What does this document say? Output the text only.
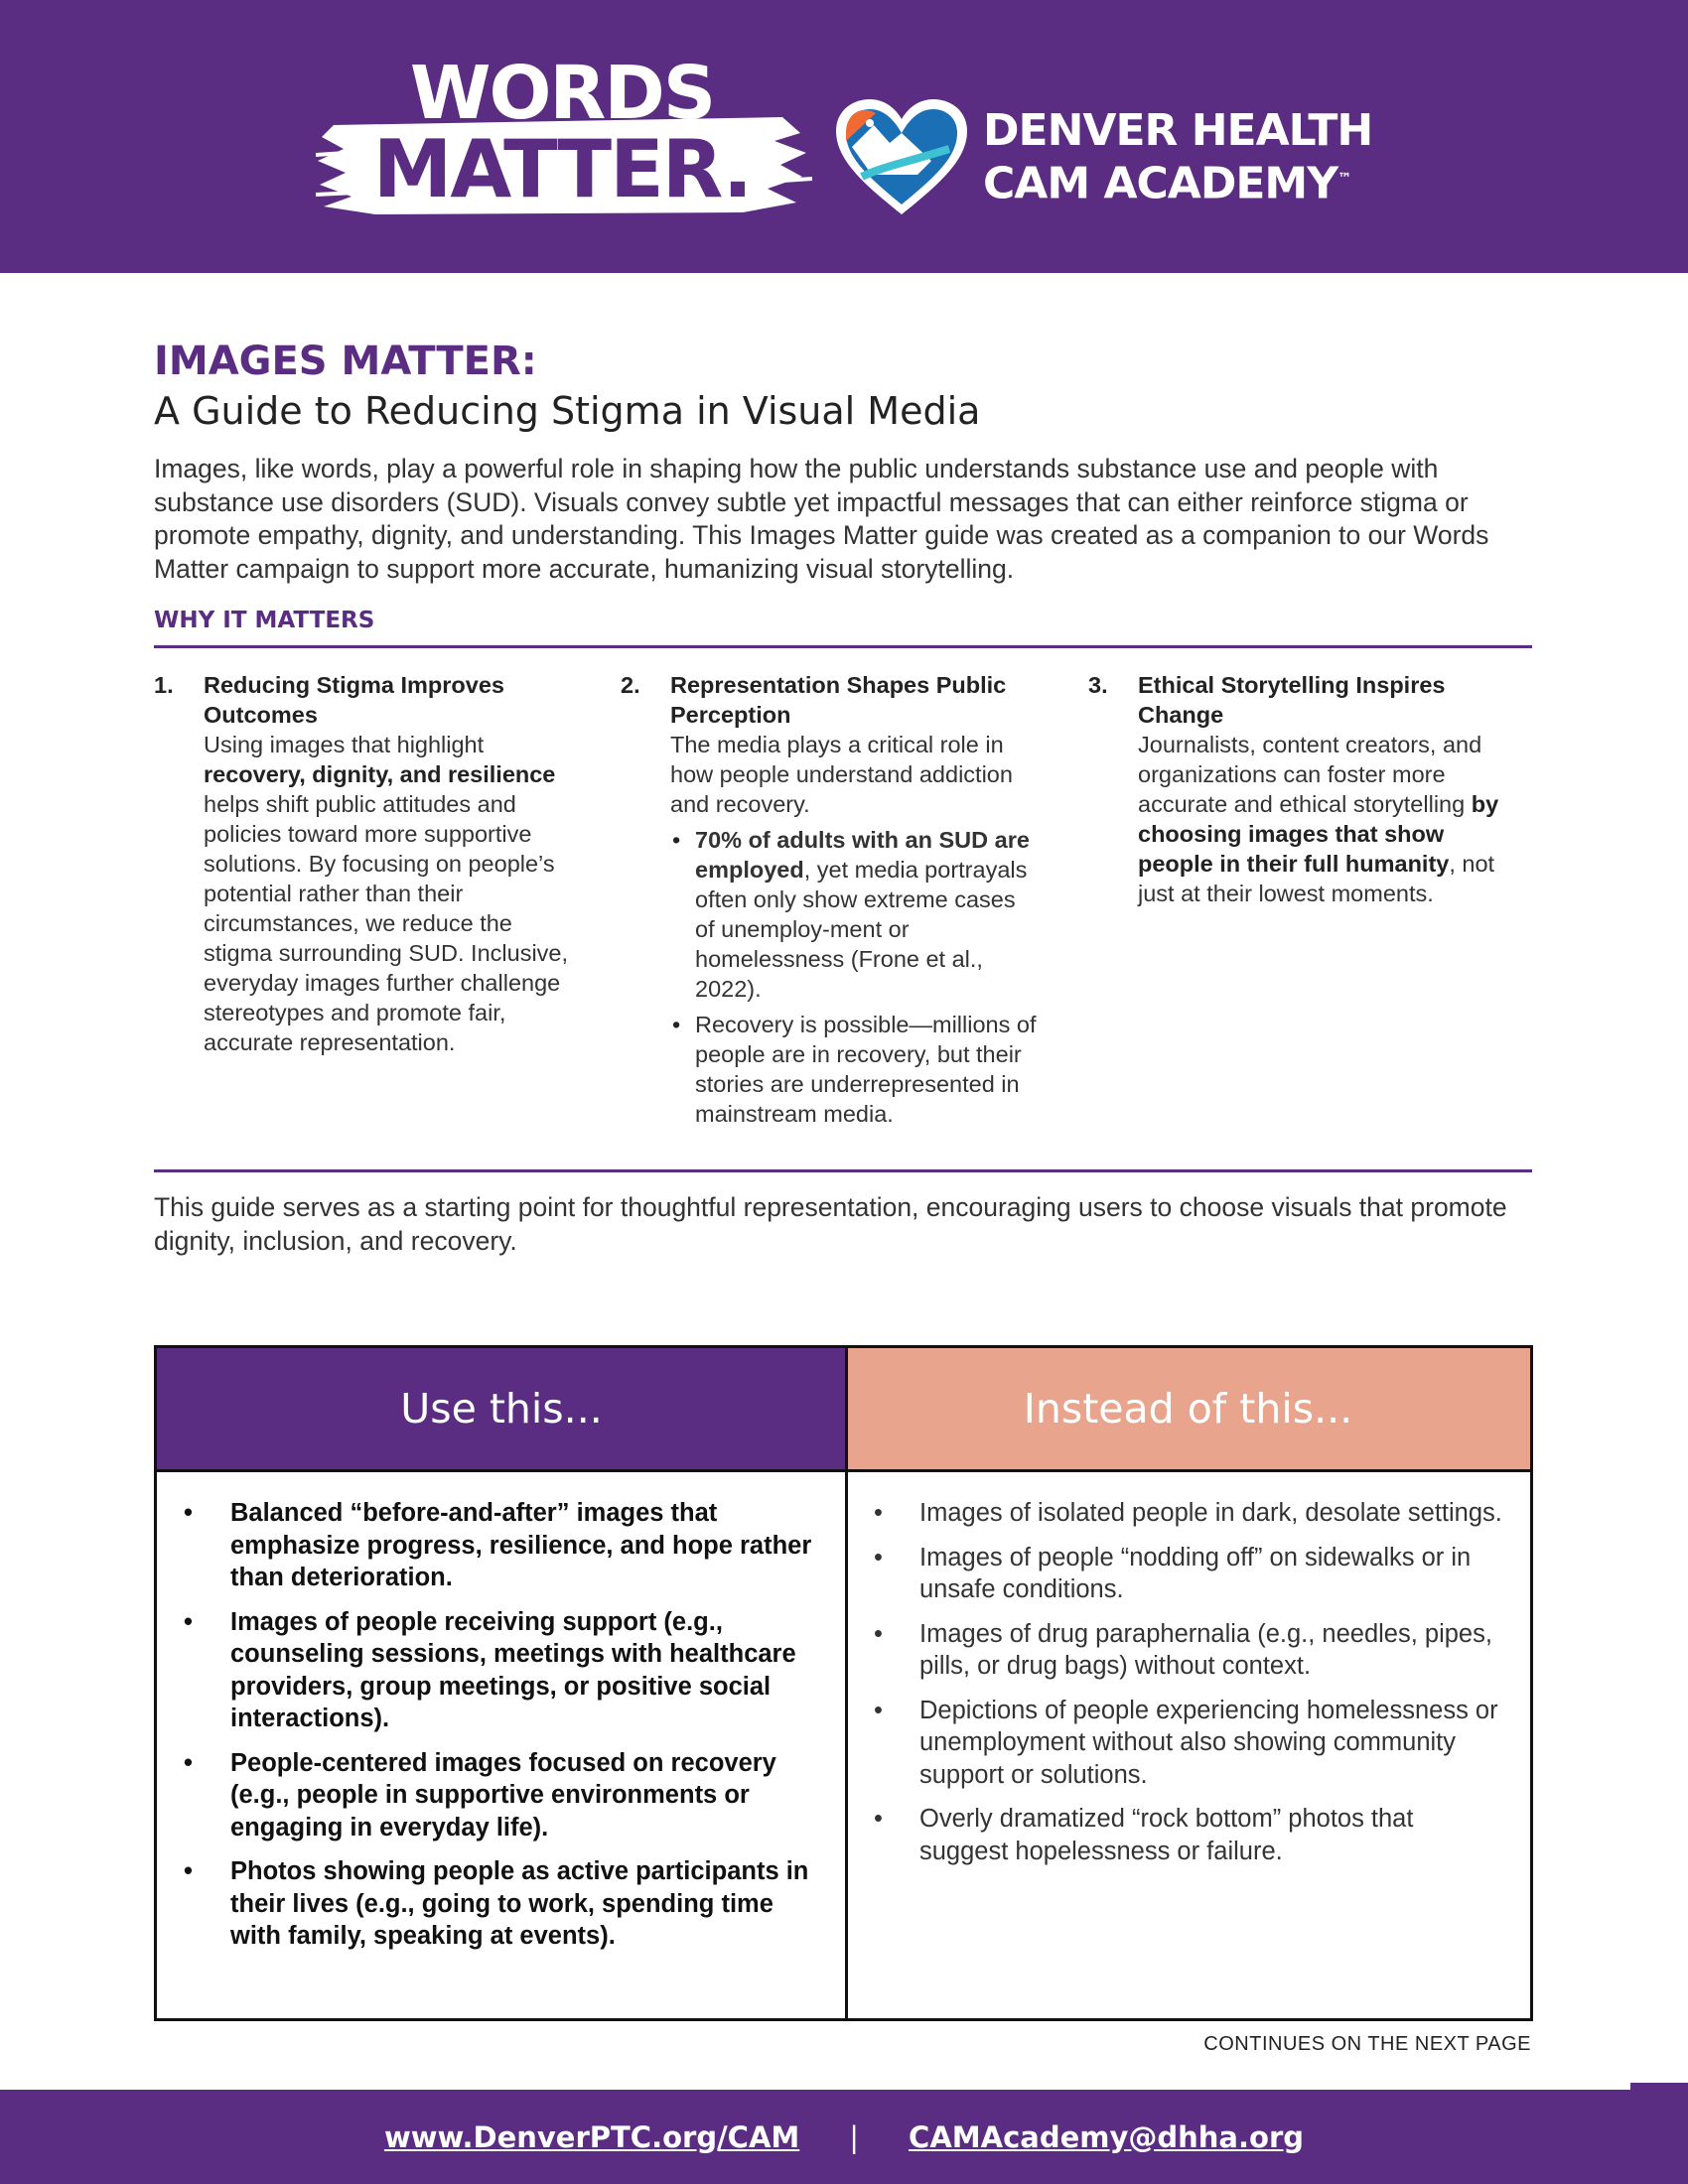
WORDS
MATTER.	DENVER HEALTH
CAM ACADEMY™
IMAGES MATTER:
A Guide to Reducing Stigma in Visual Media

Images, like words, play a powerful role in shaping how the public understands substance use and people with substance use disorders (SUD). Visuals convey subtle yet impactful messages that can either reinforce stigma or promote empathy, dignity, and understanding. This Images Matter guide was created as a companion to our Words Matter campaign to support more accurate, humanizing visual storytelling.

WHY IT MATTERS
1. Reducing Stigma Improves Outcomes
Using images that highlight recovery, dignity, and resilience helps shift public attitudes and policies toward more supportive solutions. By focusing on people’s potential rather than their circumstances, we reduce the stigma surrounding SUD. Inclusive, everyday images further challenge stereotypes and promote fair, accurate representation.
2. Representation Shapes Public Perception
The media plays a critical role in how people understand addiction and recovery.
• 70% of adults with an SUD are employed, yet media portrayals often only show extreme cases of unemploy-ment or homelessness (Frone et al., 2022).
• Recovery is possible—millions of people are in recovery, but their stories are underrepresented in mainstream media.
3. Ethical Storytelling Inspires Change
Journalists, content creators, and organizations can foster more accurate and ethical storytelling by choosing images that show people in their full humanity, not just at their lowest moments.

This guide serves as a starting point for thoughtful representation, encouraging users to choose visuals that promote dignity, inclusion, and recovery.

Use this...	Instead of this...
• Balanced “before-and-after” images that emphasize progress, resilience, and hope rather than deterioration.
• Images of people receiving support (e.g., counseling sessions, meetings with healthcare providers, group meetings, or positive social interactions).
• People-centered images focused on recovery (e.g., people in supportive environments or engaging in everyday life).
• Photos showing people as active participants in their lives (e.g., going to work, spending time with family, speaking at events).
• Images of isolated people in dark, desolate settings.
• Images of people “nodding off” on sidewalks or in unsafe conditions.
• Images of drug paraphernalia (e.g., needles, pipes, pills, or drug bags) without context.
• Depictions of people experiencing homelessness or unemployment without also showing community support or solutions.
• Overly dramatized “rock bottom” photos that suggest hopelessness or failure.
CONTINUES ON THE NEXT PAGE
www.DenverPTC.org/CAM | CAMAcademy@dhha.org
